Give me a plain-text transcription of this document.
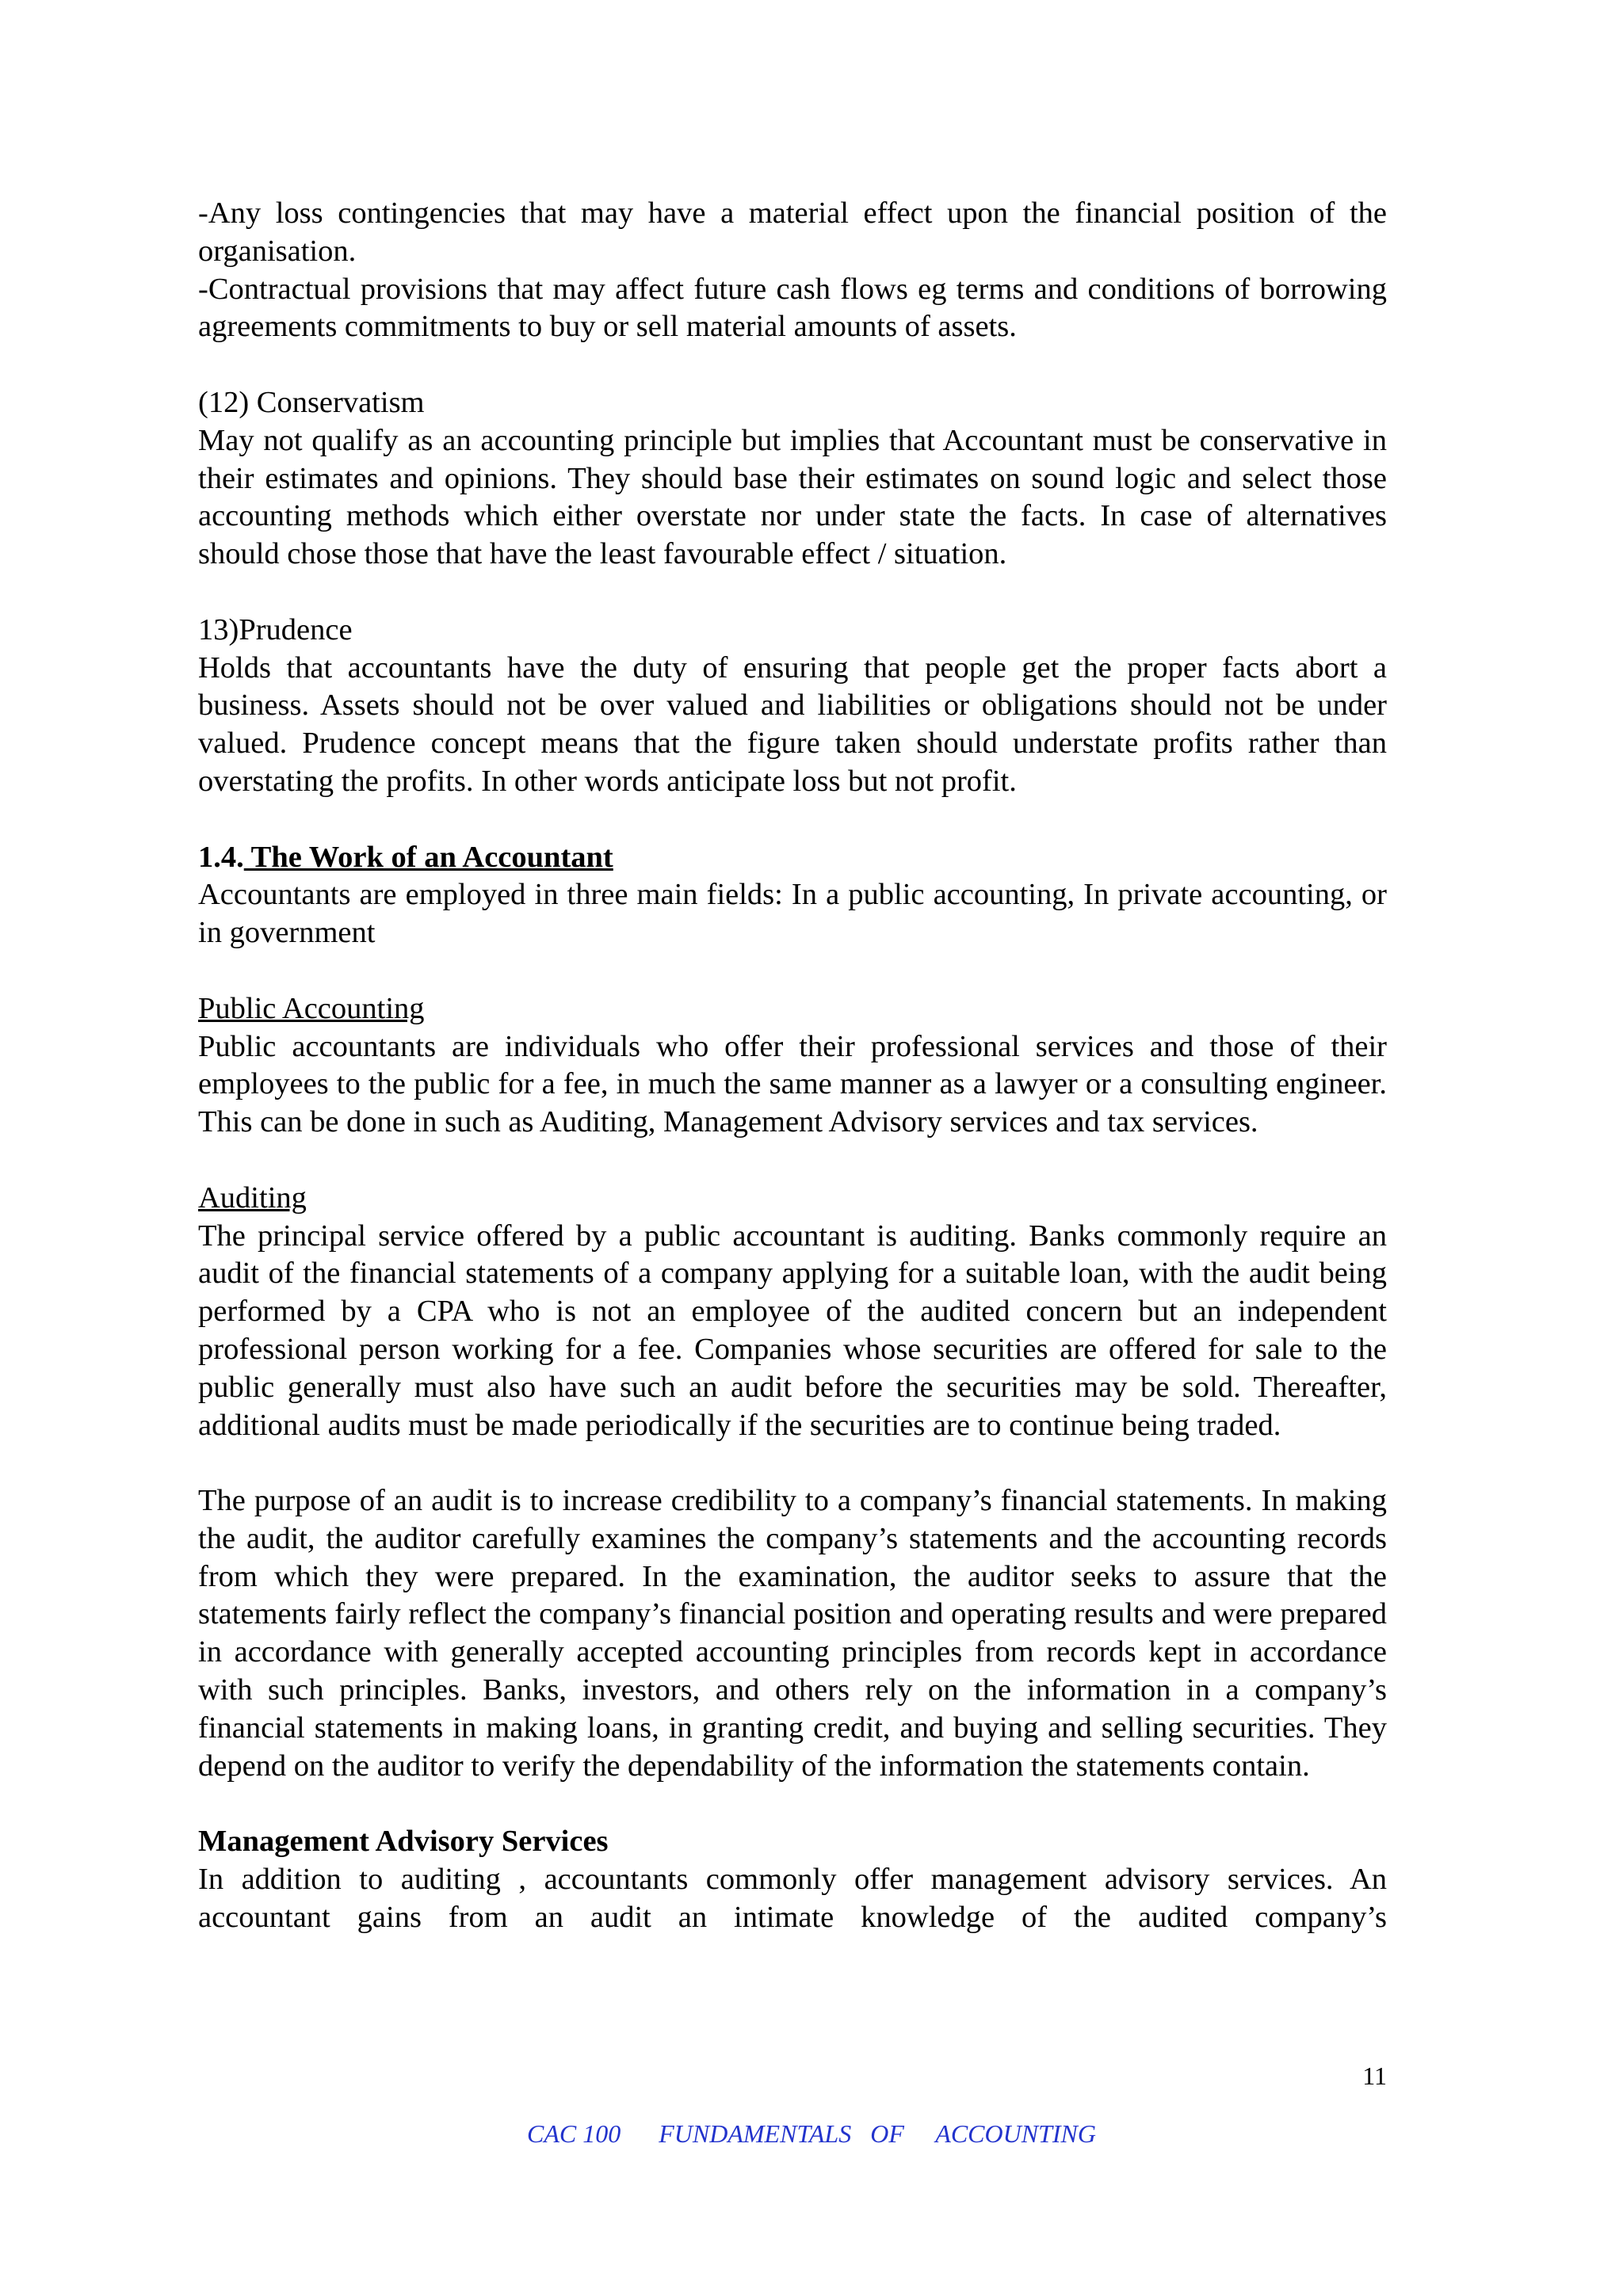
-Any loss contingencies that may have a material effect upon the financial position of the organisation.

-Contractual provisions that may affect future cash flows eg terms and conditions of borrowing agreements commitments to buy or sell material amounts of assets.

(12) Conservatism

May not qualify as an accounting principle but implies that Accountant must be conservative in their estimates and opinions. They should base their estimates on sound logic and select those accounting methods which either overstate nor under state the facts. In case of alternatives should chose those that have the least favourable effect / situation.

13)Prudence

Holds that accountants have the duty of ensuring that people get the proper facts abort a business. Assets should not be over valued and liabilities or obligations should not be under valued. Prudence concept means that the figure taken should understate profits rather than overstating the profits. In other words anticipate loss but not profit.

1.4. The Work of an Accountant

Accountants are employed in three main fields: In a public accounting, In private accounting, or in government

Public Accounting

Public accountants are individuals who offer their professional services and those of their employees to the public for a fee, in much the same manner as a lawyer or a consulting engineer. This can be done in such as Auditing, Management Advisory services and tax services.

Auditing

The principal service offered by a public accountant is auditing. Banks commonly require an audit of the financial statements of a company applying for a suitable loan, with the audit being performed by a CPA who is not an employee of the audited concern but an independent professional person working for a fee. Companies whose securities are offered for sale to the public generally must also have such an audit before the securities may be sold. Thereafter, additional audits must be made periodically if the securities are to continue being traded.

The purpose of an audit is to increase credibility to a company’s financial statements. In making the audit, the auditor carefully examines the company’s statements and the accounting records from which they were prepared. In the examination, the auditor seeks to assure that the statements fairly reflect the company’s financial position and operating results and were prepared in accordance with generally accepted accounting principles from records kept in accordance with such principles. Banks, investors, and others rely on the information in a company’s financial statements in making loans, in granting credit, and buying and selling securities. They depend on the auditor to verify the dependability of the information the statements contain.

Management Advisory Services

In addition to auditing , accountants commonly offer management advisory services. An accountant gains from an audit an intimate knowledge of the audited company’s

11
CAC 100      FUNDAMENTALS   OF     ACCOUNTING
